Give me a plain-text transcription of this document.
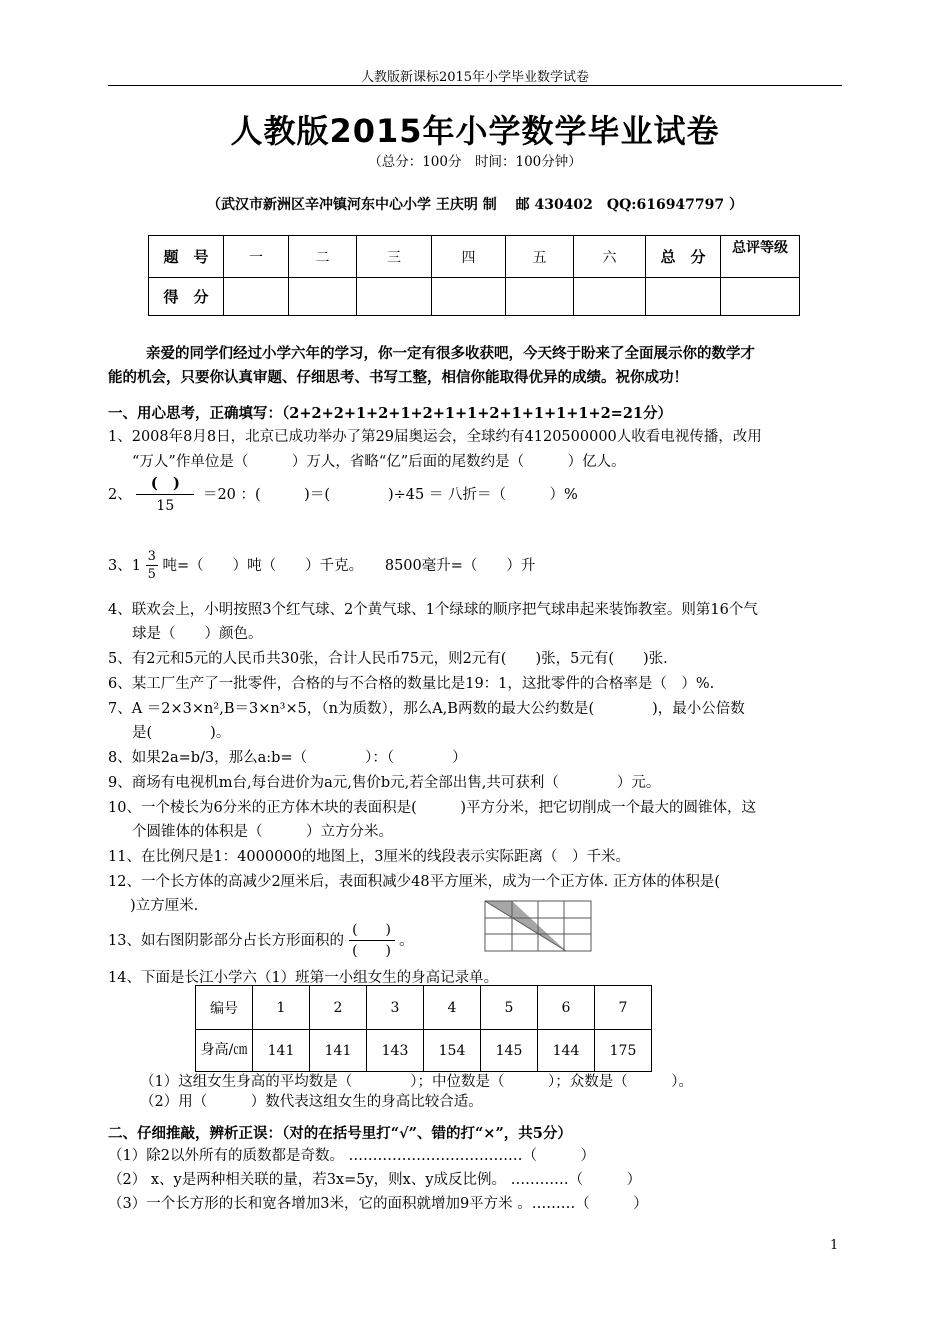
人教版新课标2015年小学毕业数学试卷
人教版2015年小学数学毕业试卷
（总分：100分　时间：100分钟）
（武汉市新洲区辛冲镇河东中心小学 王庆明 制　 邮 430402　QQ:616947797 ）
题　号	一	二	三	四	五	六	总　分	总评等级

得　分								
亲爱的同学们经过小学六年的学习，你一定有很多收获吧，今天终于盼来了全面展示你的数学才
能的机会，只要你认真审题、仔细思考、书写工整，相信你能取得优异的成绩。祝你成功！
一、用心思考，正确填写：（2+2+2+1+2+1+2+1+1+2+1+1+1+1+2=21分）
1、2008年8月8日，北京已成功举办了第29届奥运会，全球约有4120500000人收看电视传播，改用
“万人”作单位是（　　　）万人，省略“亿”后面的尾数约是（　　　）亿人。
2、 $\frac{( )}{15} =20$ ：(　　　)＝(　　　　)÷45 ＝ 八折＝（　　　）%
3、$1 \frac{3}{5}$ 吨=（　　）吨（　　）千克。　　8500毫升=（　　）升
4、联欢会上，小明按照3个红气球、2个黄气球、1个绿球的顺序把气球串起来装饰教室。则第16个气
球是（　　）颜色。
5、有2元和5元的人民币共30张，合计人民币75元，则2元有(　　)张，5元有(　　)张.
6、某工厂生产了一批零件，合格的与不合格的数量比是19：1，这批零件的合格率是（　）%.
7、A ＝2×3×n²,B＝3×n³×5，（n为质数），那么A,B两数的最大公约数是(　　　　)，最小公倍数
是(　　　　)。
8、如果2a=b/3，那么a:b=（　　　　）：（　　　　）
9、商场有电视机m台,每台进价为a元,售价b元,若全部出售,共可获利（　　　　）元。
10、一个棱长为6分米的正方体木块的表面积是(　　　)平方分米，把它切削成一个最大的圆锥体，这
个圆锥体的体积是（　　　）立方分米。
11、在比例尺是1：4000000的地图上，3厘米的线段表示实际距离（　）千米。
12、一个长方体的高减少2厘米后，表面积减少48平方厘米，成为一个正方体. 正方体的体积是(
)立方厘米.
13、如右图阴影部分占长方形面积的 $\frac{( )}{( )}$ 。
14、下面是长江小学六（1）班第一小组女生的身高记录单。
编号	1	2	3	4	5	6	7
身高/㎝	141	141	143	154	145	144	175
（1）这组女生身高的平均数是（　　　　）；中位数是（　　　）；众数是（　　　）。
（2）用（　　　）数代表这组女生的身高比较合适。
二、仔细推敲，辨析正误：（对的在括号里打“√”、错的打“×”，共5分）
（1）除2以外所有的质数都是奇数。 ………………………………（　　　）
（2） x、y是两种相关联的量，若3x=5y，则x、y成反比例。 …………（　　　）
（3）一个长方形的长和宽各增加3米，它的面积就增加9平方米 。………（　　　）
1
